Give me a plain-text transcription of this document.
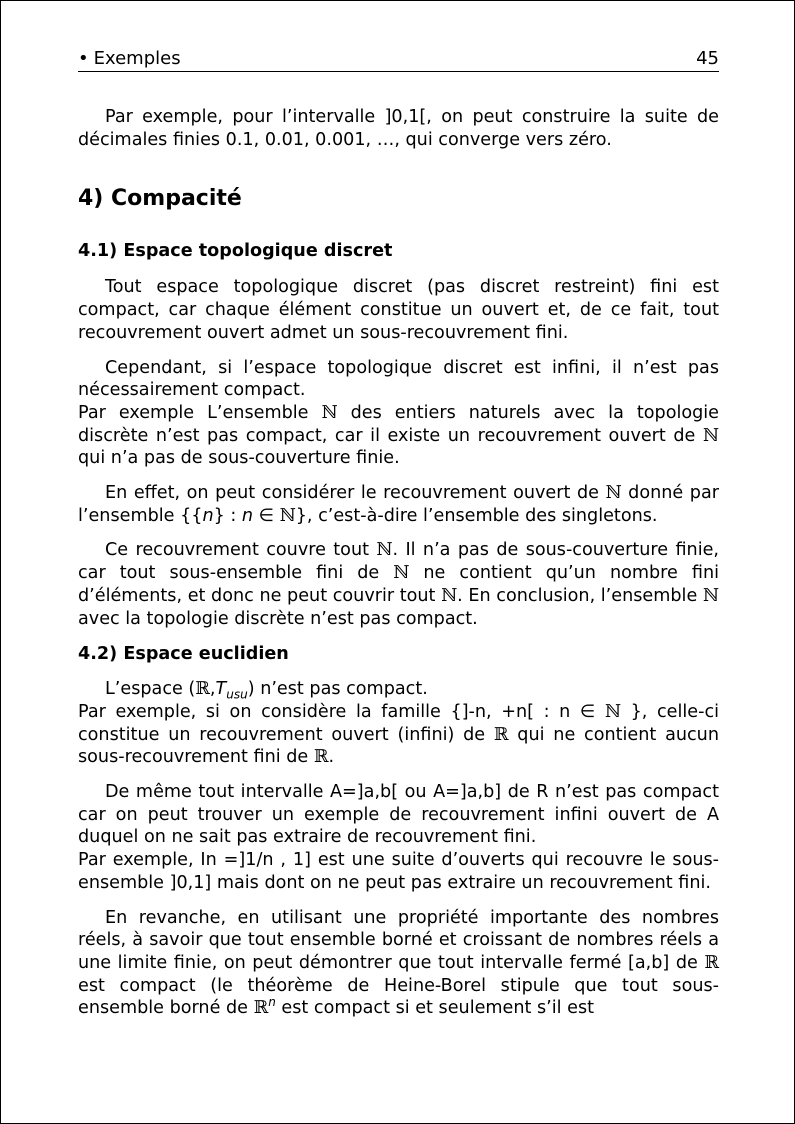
• Exemples	45

Par exemple, pour l’intervalle ]0,1[, on peut construire la suite de décimales finies 0.1, 0.01, 0.001, …, qui converge vers zéro.

4) Compacité
4.1) Espace topologique discret

Tout espace topologique discret (pas discret restreint) fini est compact, car chaque élément constitue un ouvert et, de ce fait, tout recouvrement ouvert admet un sous-recouvrement fini.

Cependant, si l’espace topologique discret est infini, il n’est pas nécessairement compact.

Par exemple L’ensemble ℕ des entiers naturels avec la topologie discrète n’est pas compact, car il existe un recouvrement ouvert de ℕ qui n’a pas de sous-couverture finie.

En effet, on peut considérer le recouvrement ouvert de ℕ donné par l’ensemble {{n} : n ∈ ℕ}, c’est-à-dire l’ensemble des singletons.

Ce recouvrement couvre tout ℕ. Il n’a pas de sous-couverture finie, car tout sous-ensemble fini de ℕ ne contient qu’un nombre fini d’éléments, et donc ne peut couvrir tout ℕ. En conclusion, l’ensemble ℕ avec la topologie discrète n’est pas compact.

4.2) Espace euclidien

L’espace $(ℝ,T_{usu})$ n’est pas compact.

Par exemple, si on considère la famille {]-n, +n[ : n ∈ ℕ }, celle-ci constitue un recouvrement ouvert (infini) de ℝ qui ne contient aucun sous-recouvrement fini de ℝ.

De même tout intervalle A=]a,b[ ou A=]a,b] de R n’est pas compact car on peut trouver un exemple de recouvrement infini ouvert de A duquel on ne sait pas extraire de recouvrement fini.

Par exemple, In =]1/n , 1] est une suite d’ouverts qui recouvre le sous-ensemble ]0,1] mais dont on ne peut pas extraire un recouvrement fini.

En revanche, en utilisant une propriété importante des nombres réels, à savoir que tout ensemble borné et croissant de nombres réels a une limite finie, on peut démontrer que tout intervalle fermé [a,b] de ℝ est compact (le théorème de Heine-Borel stipule que tout sous-ensemble borné de ℝ$^n$ est compact si et seulement s’il est
